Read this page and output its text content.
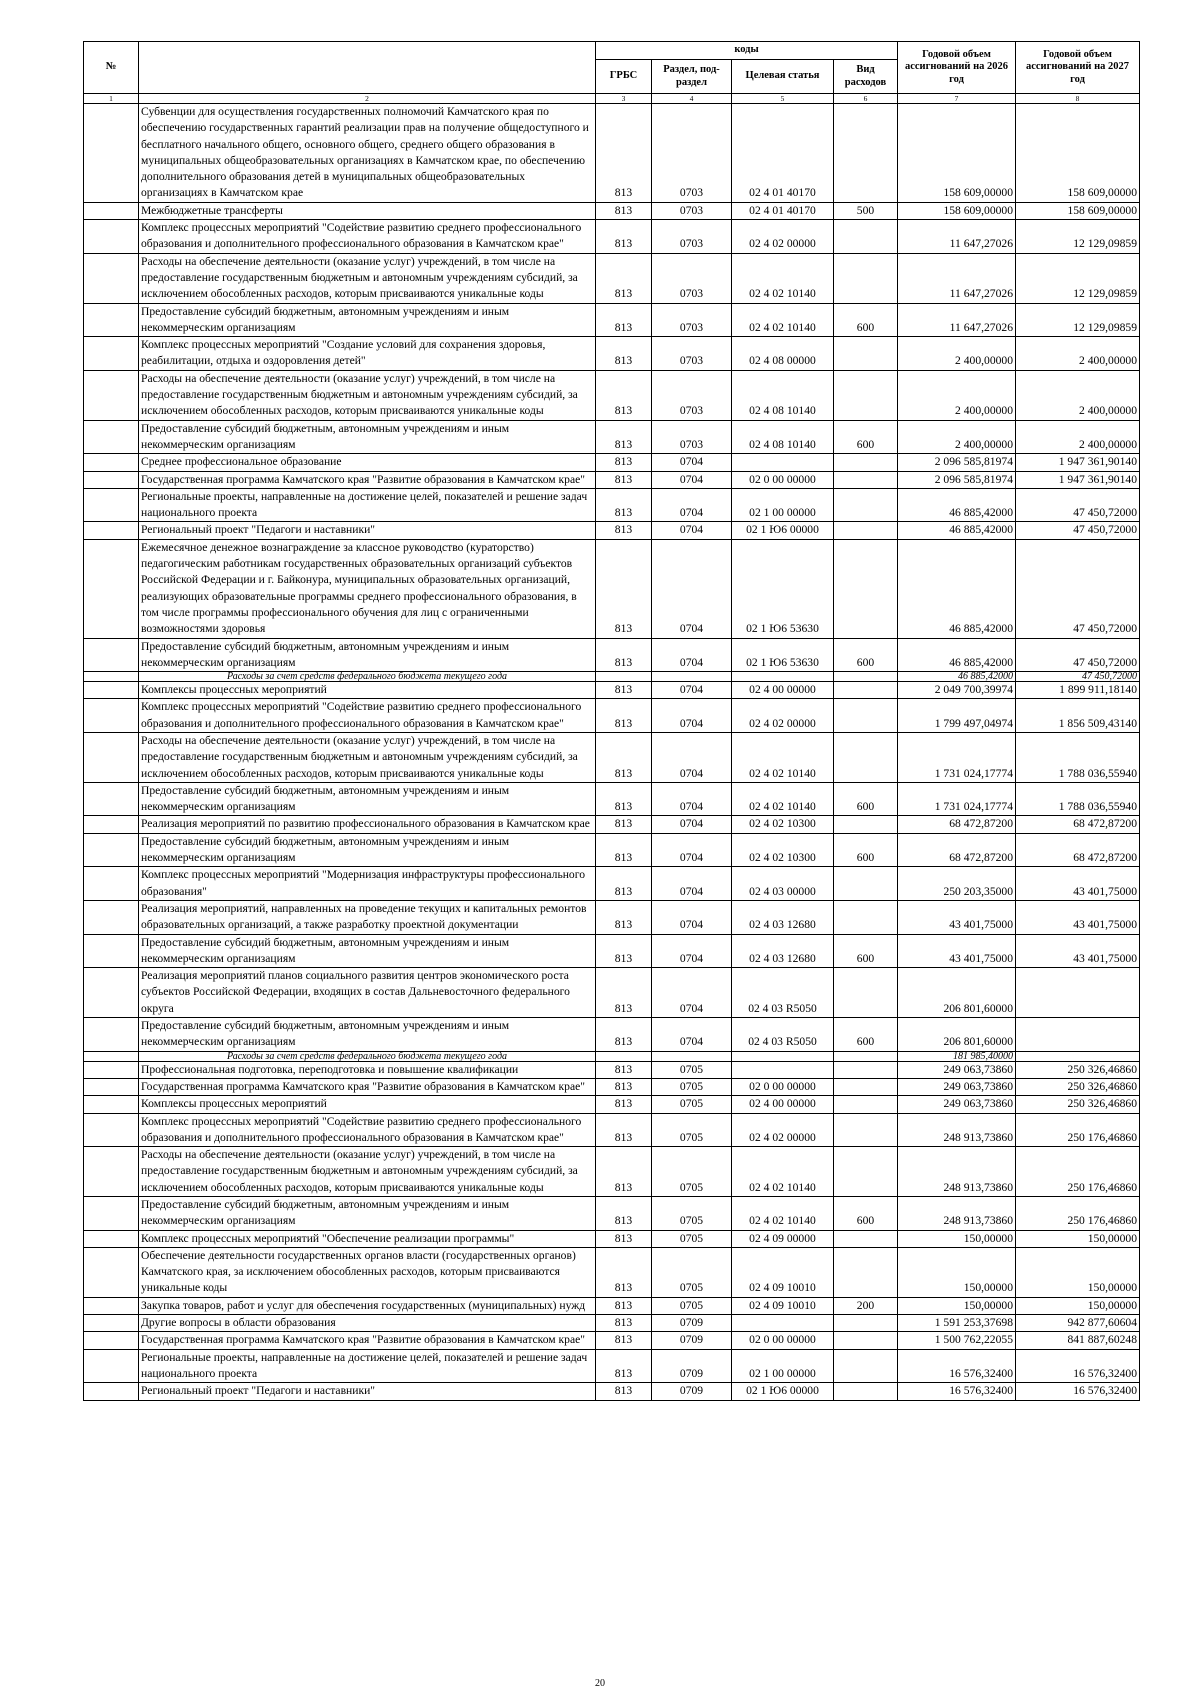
№		коды				Годовой объем ассигнований на 2026 год	Годовой объем ассигнований на 2027 год
		ГРБС	Раздел, под-раздел	Целевая статья	Вид расходов		
1	2	3	4	5	6	7	8
	Субвенции для осуществления государственных полномочий Камчатского края по обеспечению государственных гарантий реализации прав на получение общедоступного и бесплатного начального общего, основного общего, среднего общего образования в муниципальных общеобразовательных организациях в Камчатском крае, по обеспечению дополнительного образования детей в муниципальных общеобразовательных организациях в Камчатском крае	813	0703	02 4 01 40170		158 609,00000	158 609,00000
	Межбюджетные трансферты	813	0703	02 4 01 40170	500	158 609,00000	158 609,00000
	Комплекс процессных мероприятий "Содействие развитию среднего профессионального образования и дополнительного профессионального образования в Камчатском крае"	813	0703	02 4 02 00000		11 647,27026	12 129,09859
	Расходы на обеспечение деятельности (оказание услуг) учреждений, в том числе на предоставление государственным бюджетным и автономным учреждениям субсидий, за исключением обособленных расходов, которым присваиваются уникальные коды	813	0703	02 4 02 10140		11 647,27026	12 129,09859
	Предоставление субсидий бюджетным, автономным учреждениям и иным некоммерческим организациям	813	0703	02 4 02 10140	600	11 647,27026	12 129,09859
	Комплекс процессных мероприятий "Создание условий для сохранения здоровья, реабилитации, отдыха и оздоровления детей"	813	0703	02 4 08 00000		2 400,00000	2 400,00000
	Расходы на обеспечение деятельности (оказание услуг) учреждений, в том числе на предоставление государственным бюджетным и автономным учреждениям субсидий, за исключением обособленных расходов, которым присваиваются уникальные коды	813	0703	02 4 08 10140		2 400,00000	2 400,00000
	Предоставление субсидий бюджетным, автономным учреждениям и иным некоммерческим организациям	813	0703	02 4 08 10140	600	2 400,00000	2 400,00000
	Среднее профессиональное образование	813	0704			2 096 585,81974	1 947 361,90140
	Государственная программа Камчатского края "Развитие образования в Камчатском крае"	813	0704	02 0 00 00000		2 096 585,81974	1 947 361,90140
	Региональные проекты, направленные на достижение целей, показателей и решение задач национального проекта	813	0704	02 1 00 00000		46 885,42000	47 450,72000
	Региональный проект "Педагоги и наставники"	813	0704	02 1 Ю6 00000		46 885,42000	47 450,72000
	Ежемесячное денежное вознаграждение за классное руководство (кураторство) педагогическим работникам государственных образовательных организаций субъектов Российской Федерации и г. Байконура, муниципальных образовательных организаций, реализующих образовательные программы среднего профессионального образования, в том числе программы профессионального обучения для лиц с ограниченными возможностями здоровья	813	0704	02 1 Ю6 53630		46 885,42000	47 450,72000
	Предоставление субсидий бюджетным, автономным учреждениям и иным некоммерческим организациям	813	0704	02 1 Ю6 53630	600	46 885,42000	47 450,72000
	Расходы за счет средств федерального бюджета текущего года					46 885,42000	47 450,72000
	Комплексы процессных мероприятий	813	0704	02 4 00 00000		2 049 700,39974	1 899 911,18140
	Комплекс процессных мероприятий "Содействие развитию среднего профессионального образования и дополнительного профессионального образования в Камчатском крае"	813	0704	02 4 02 00000		1 799 497,04974	1 856 509,43140
	Расходы на обеспечение деятельности (оказание услуг) учреждений, в том числе на предоставление государственным бюджетным и автономным учреждениям субсидий, за исключением обособленных расходов, которым присваиваются уникальные коды	813	0704	02 4 02 10140		1 731 024,17774	1 788 036,55940
	Предоставление субсидий бюджетным, автономным учреждениям и иным некоммерческим организациям	813	0704	02 4 02 10140	600	1 731 024,17774	1 788 036,55940
	Реализация мероприятий по развитию профессионального образования в Камчатском крае	813	0704	02 4 02 10300		68 472,87200	68 472,87200
	Предоставление субсидий бюджетным, автономным учреждениям и иным некоммерческим организациям	813	0704	02 4 02 10300	600	68 472,87200	68 472,87200
	Комплекс процессных мероприятий "Модернизация инфраструктуры профессионального образования"	813	0704	02 4 03 00000		250 203,35000	43 401,75000
	Реализация мероприятий, направленных на проведение текущих и капитальных ремонтов образовательных организаций, а также разработку проектной документации	813	0704	02 4 03 12680		43 401,75000	43 401,75000
	Предоставление субсидий бюджетным, автономным учреждениям и иным некоммерческим организациям	813	0704	02 4 03 12680	600	43 401,75000	43 401,75000
	Реализация мероприятий планов социального развития центров экономического роста субъектов Российской Федерации, входящих в состав Дальневосточного федерального округа	813	0704	02 4 03 R5050		206 801,60000	
	Предоставление субсидий бюджетным, автономным учреждениям и иным некоммерческим организациям	813	0704	02 4 03 R5050	600	206 801,60000	
	Расходы за счет средств федерального бюджета текущего года					181 985,40000	
	Профессиональная подготовка, переподготовка и повышение квалификации	813	0705			249 063,73860	250 326,46860
	Государственная программа Камчатского края "Развитие образования в Камчатском крае"	813	0705	02 0 00 00000		249 063,73860	250 326,46860
	Комплексы процессных мероприятий	813	0705	02 4 00 00000		249 063,73860	250 326,46860
	Комплекс процессных мероприятий "Содействие развитию среднего профессионального образования и дополнительного профессионального образования в Камчатском крае"	813	0705	02 4 02 00000		248 913,73860	250 176,46860
	Расходы на обеспечение деятельности (оказание услуг) учреждений, в том числе на предоставление государственным бюджетным и автономным учреждениям субсидий, за исключением обособленных расходов, которым присваиваются уникальные коды	813	0705	02 4 02 10140		248 913,73860	250 176,46860
	Предоставление субсидий бюджетным, автономным учреждениям и иным некоммерческим организациям	813	0705	02 4 02 10140	600	248 913,73860	250 176,46860
	Комплекс процессных мероприятий "Обеспечение реализации программы"	813	0705	02 4 09 00000		150,00000	150,00000
	Обеспечение деятельности государственных органов власти (государственных органов) Камчатского края, за исключением обособленных расходов, которым присваиваются уникальные коды	813	0705	02 4 09 10010		150,00000	150,00000
	Закупка товаров, работ и услуг для обеспечения государственных (муниципальных) нужд	813	0705	02 4 09 10010	200	150,00000	150,00000
	Другие вопросы в области образования	813	0709			1 591 253,37698	942 877,60604
	Государственная программа Камчатского края "Развитие образования в Камчатском крае"	813	0709	02 0 00 00000		1 500 762,22055	841 887,60248
	Региональные проекты, направленные на достижение целей, показателей и решение задач национального проекта	813	0709	02 1 00 00000		16 576,32400	16 576,32400
	Региональный проект "Педагоги и наставники"	813	0709	02 1 Ю6 00000		16 576,32400	16 576,32400
20
